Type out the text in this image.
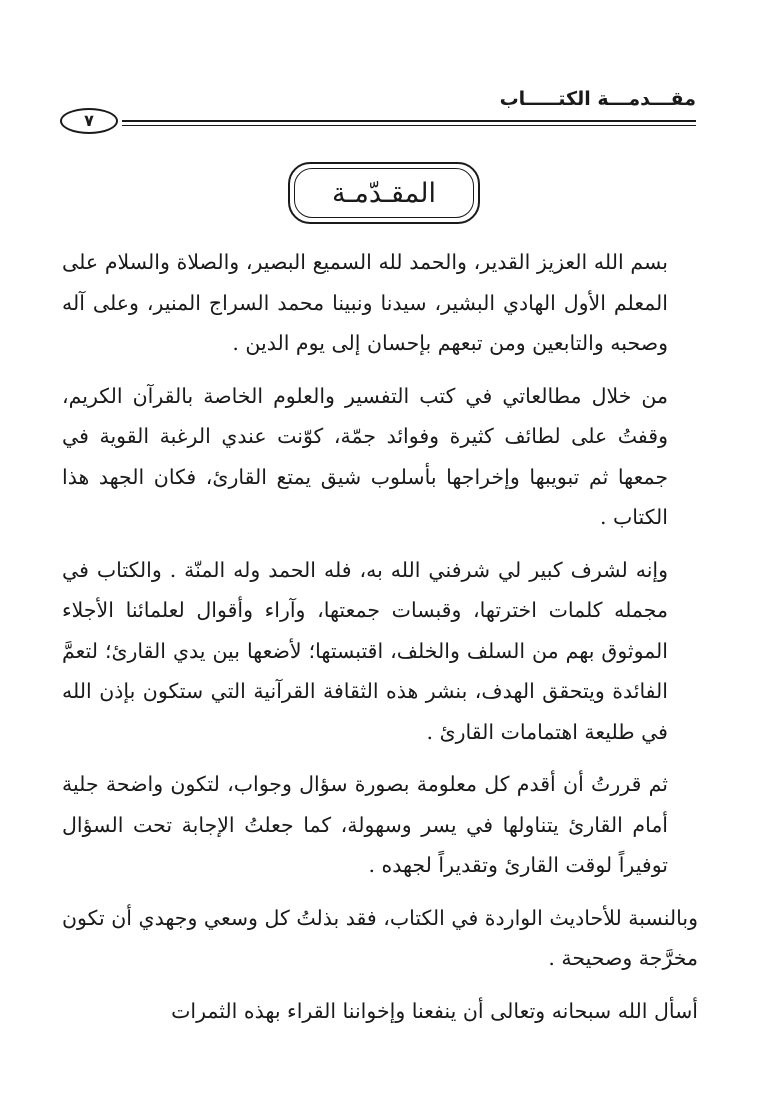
مقـــدمـــة الكتـــــاب
٧
المقـدّمـة

بسم الله العزيز القدير، والحمد لله السميع البصير، والصلاة والسلام على المعلم الأول الهادي البشير، سيدنا ونبينا محمد السراج المنير، وعلى آله وصحبه والتابعين ومن تبعهم بإحسان إلى يوم الدين .

من خلال مطالعاتي في كتب التفسير والعلوم الخاصة بالقرآن الكريم، وقفتُ على لطائف كثيرة وفوائد جمّة، كوّنت عندي الرغبة القوية في جمعها ثم تبويبها وإخراجها بأسلوب شيق يمتع القارئ، فكان الجهد هذا الكتاب .

وإنه لشرف كبير لي شرفني الله به، فله الحمد وله المنّة . والكتاب في مجمله كلمات اخترتها، وقبسات جمعتها، وآراء وأقوال لعلمائنا الأجلاء الموثوق بهم من السلف والخلف، اقتبستها؛ لأضعها بين يدي القارئ؛ لتعمَّ الفائدة ويتحقق الهدف، بنشر هذه الثقافة القرآنية التي ستكون بإذن الله في طليعة اهتمامات القارئ .

ثم قررتُ أن أقدم كل معلومة بصورة سؤال وجواب، لتكون واضحة جلية أمام القارئ يتناولها في يسر وسهولة، كما جعلتُ الإجابة تحت السؤال توفيراً لوقت القارئ وتقديراً لجهده .

وبالنسبة للأحاديث الواردة في الكتاب، فقد بذلتُ كل وسعي وجهدي أن تكون مخرَّجة وصحيحة .

أسأل الله سبحانه وتعالى أن ينفعنا وإخواننا القراء بهذه الثمرات
